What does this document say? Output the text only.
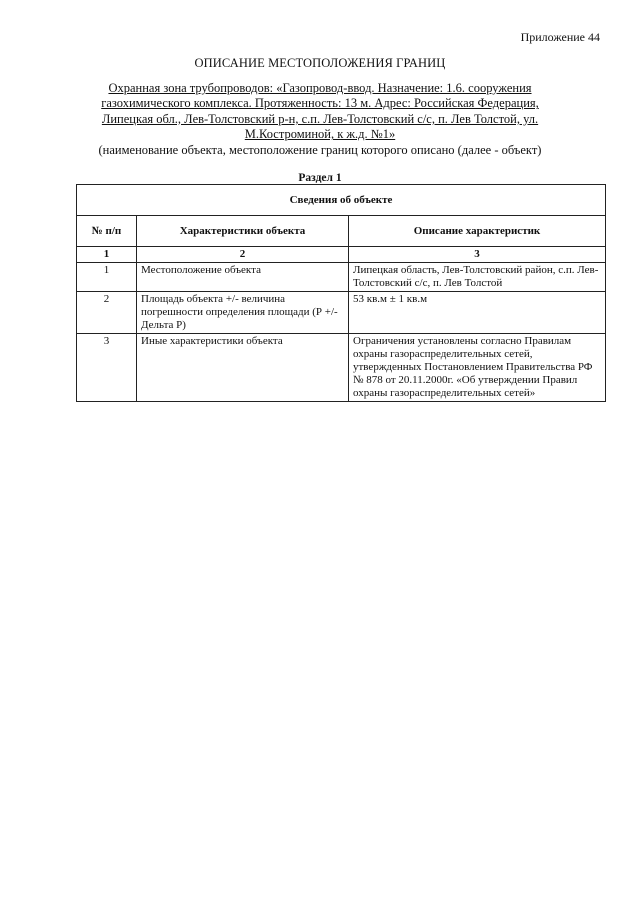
Приложение 44
ОПИСАНИЕ МЕСТОПОЛОЖЕНИЯ ГРАНИЦ
Охранная зона трубопроводов: «Газопровод-ввод. Назначение: 1.6. сооружения газохимического комплекса. Протяженность: 13 м. Адрес: Российская Федерация, Липецкая обл., Лев-Толстовский р-н, с.п. Лев-Толстовский с/с, п. Лев Толстой, ул. М.Костроминой, к ж.д. №1»
(наименование объекта, местоположение границ которого описано (далее - объект)
Раздел 1
Сведения об объекте		
№ п/п	Характеристики объекта	Описание характеристик
1	2	3
1	Местоположение объекта	Липецкая область, Лев-Толстовский район, с.п. Лев-Толстовский с/с, п. Лев Толстой
2	Площадь объекта +/- величина погрешности определения площади (Р +/- Дельта Р)	53 кв.м ± 1 кв.м
3	Иные характеристики объекта	Ограничения установлены согласно Правилам охраны газораспределительных сетей, утвержденных Постановлением Правительства РФ № 878 от 20.11.2000г. «Об утверждении Правил охраны газораспределительных сетей»
